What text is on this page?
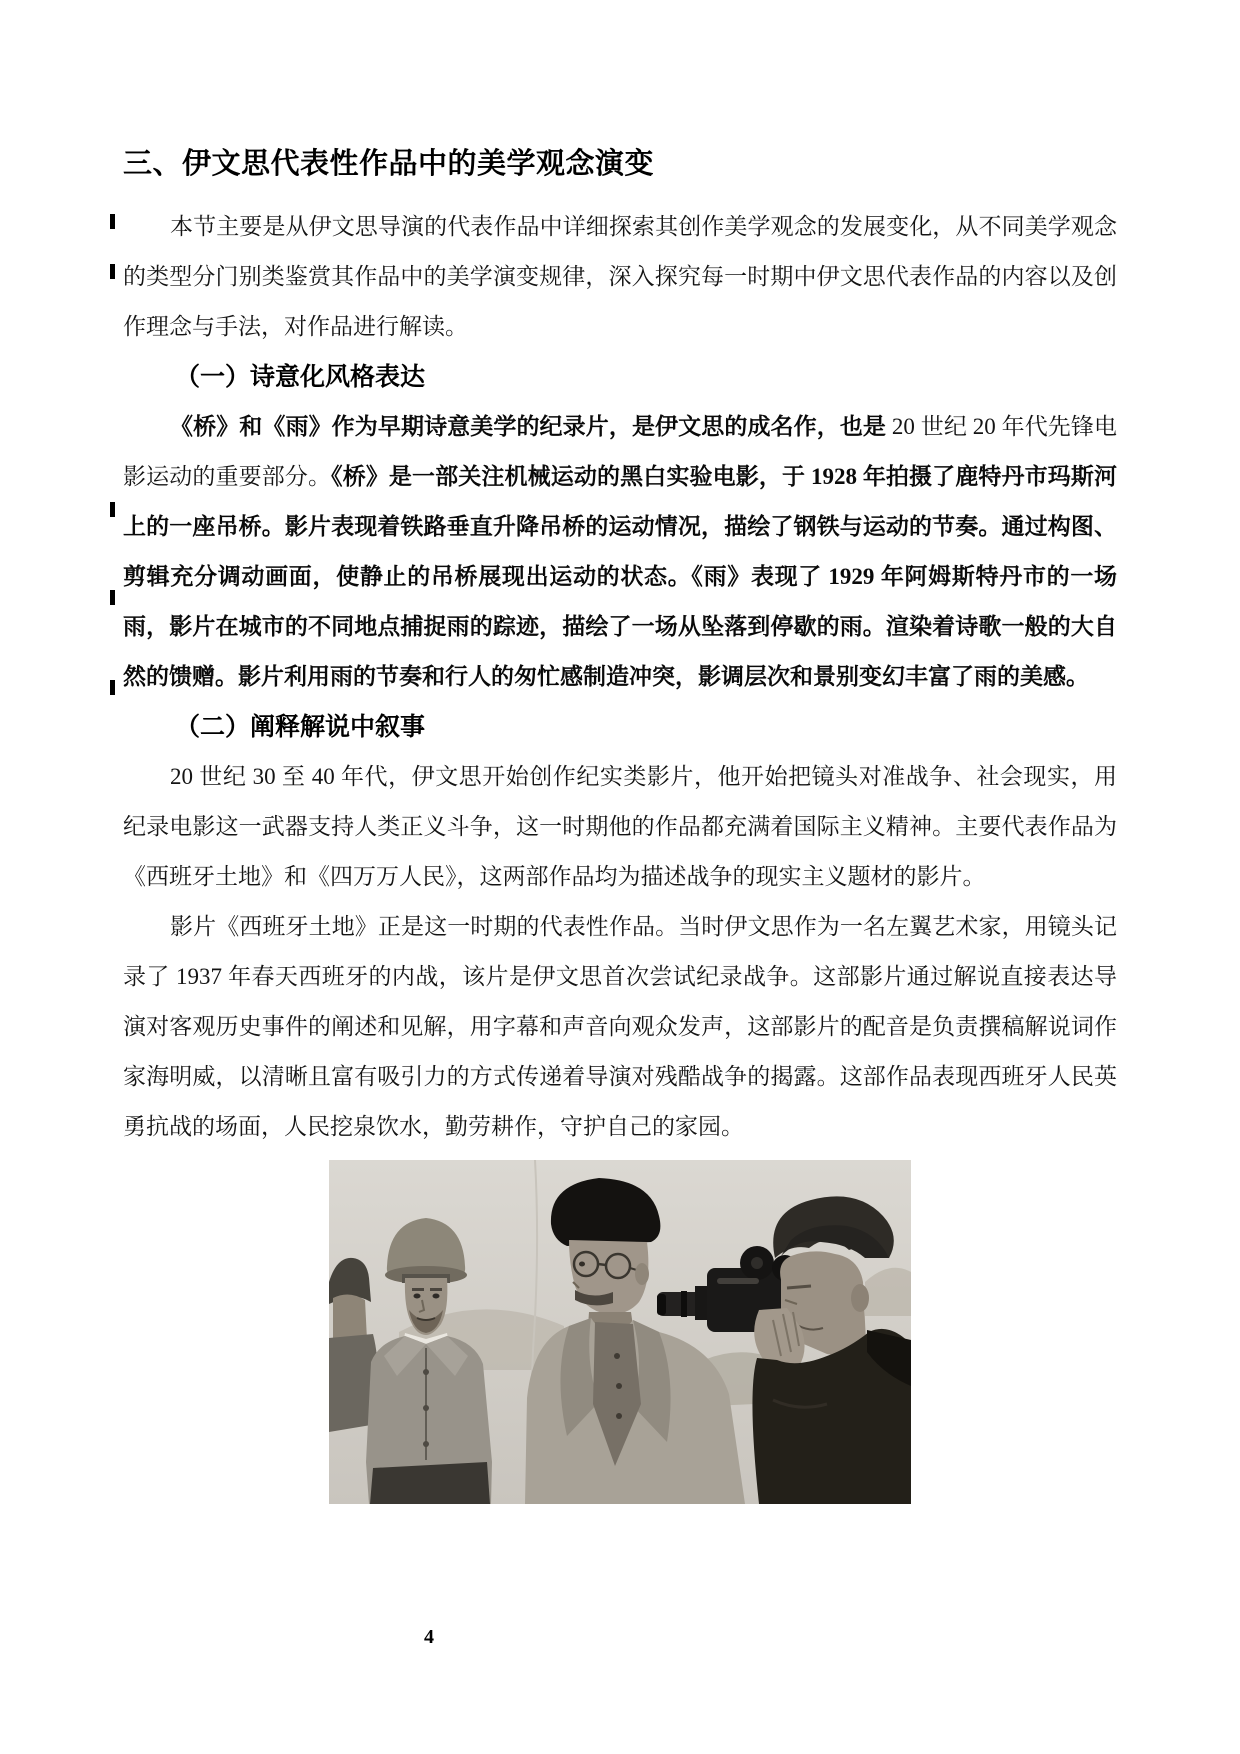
三、伊文思代表性作品中的美学观念演变

本节主要是从伊文思导演的代表作品中详细探索其创作美学观念的发展变化，从不同美学观念的类型分门别类鉴赏其作品中的美学演变规律，深入探究每一时期中伊文思代表作品的内容以及创作理念与手法，对作品进行解读。

（一）诗意化风格表达

《桥》和《雨》作为早期诗意美学的纪录片，是伊文思的成名作，也是 20 世纪 20 年代先锋电影运动的重要部分。《桥》是一部关注机械运动的黑白实验电影，于 1928 年拍摄了鹿特丹市玛斯河上的一座吊桥。影片表现着铁路垂直升降吊桥的运动情况，描绘了钢铁与运动的节奏。通过构图、剪辑充分调动画面，使静止的吊桥展现出运动的状态。《雨》表现了 1929 年阿姆斯特丹市的一场雨，影片在城市的不同地点捕捉雨的踪迹，描绘了一场从坠落到停歇的雨。渲染着诗歌一般的大自然的馈赠。影片利用雨的节奏和行人的匆忙感制造冲突，影调层次和景别变幻丰富了雨的美感。

（二）阐释解说中叙事

20 世纪 30 至 40 年代，伊文思开始创作纪实类影片，他开始把镜头对准战争、社会现实，用纪录电影这一武器支持人类正义斗争，这一时期他的作品都充满着国际主义精神。主要代表作品为《西班牙土地》和《四万万人民》，这两部作品均为描述战争的现实主义题材的影片。

影片《西班牙土地》正是这一时期的代表性作品。当时伊文思作为一名左翼艺术家，用镜头记录了 1937 年春天西班牙的内战，该片是伊文思首次尝试纪录战争。这部影片通过解说直接表达导演对客观历史事件的阐述和见解，用字幕和声音向观众发声，这部影片的配音是负责撰稿解说词作家海明威，以清晰且富有吸引力的方式传递着导演对残酷战争的揭露。这部作品表现西班牙人民英勇抗战的场面，人民挖泉饮水，勤劳耕作，守护自己的家园。

4
